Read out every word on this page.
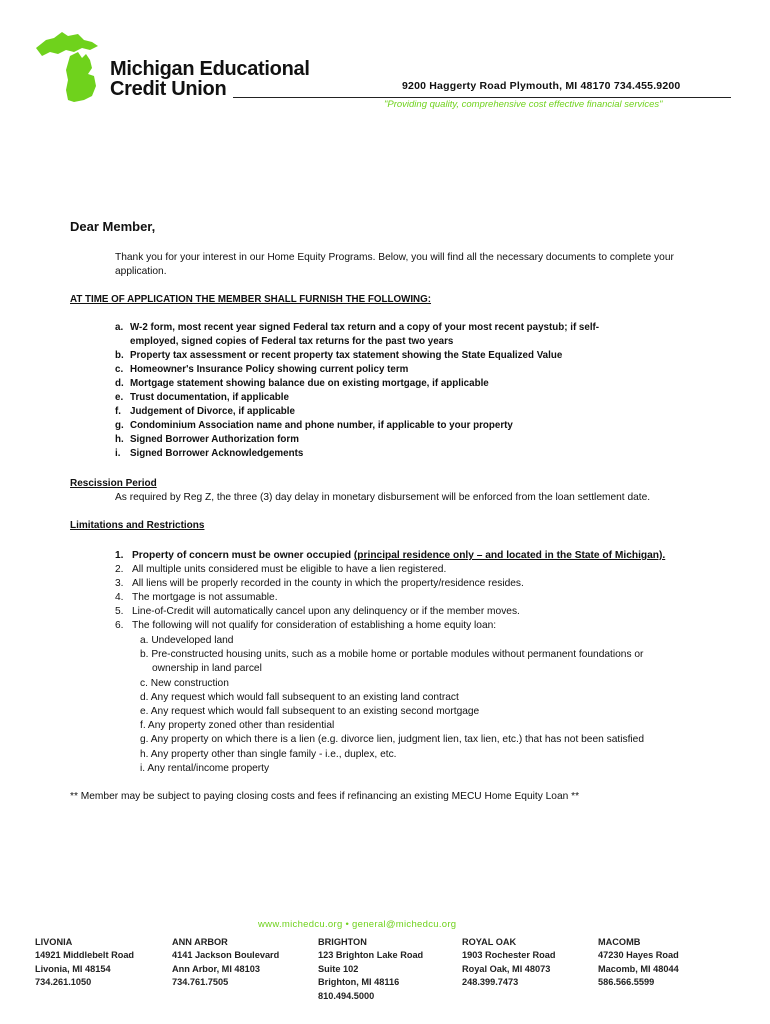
Michigan Educational
Credit Union	9200 Haggerty Road Plymouth, MI 48170 734.455.9200
"Providing quality, comprehensive cost effective financial services"
Dear Member,
Thank you for your interest in our Home Equity Programs. Below, you will find all the necessary documents to complete your application.
AT TIME OF APPLICATION THE MEMBER SHALL FURNISH THE FOLLOWING:
a. W-2 form, most recent year signed Federal tax return and a copy of your most recent paystub; if self-employed, signed copies of Federal tax returns for the past two years
b. Property tax assessment or recent property tax statement showing the State Equalized Value
c. Homeowner's Insurance Policy showing current policy term
d. Mortgage statement showing balance due on existing mortgage, if applicable
e. Trust documentation, if applicable
f. Judgement of Divorce, if applicable
g. Condominium Association name and phone number, if applicable to your property
h. Signed Borrower Authorization form
i. Signed Borrower Acknowledgements
Rescission Period
As required by Reg Z, the three (3) day delay in monetary disbursement will be enforced from the loan settlement date.
Limitations and Restrictions
1. Property of concern must be owner occupied (principal residence only – and located in the State of Michigan).
2. All multiple units considered must be eligible to have a lien registered.
3. All liens will be properly recorded in the county in which the property/residence resides.
4. The mortgage is not assumable.
5. Line-of-Credit will automatically cancel upon any delinquency or if the member moves.
6. The following will not qualify for consideration of establishing a home equity loan:
a. Undeveloped land
b. Pre-constructed housing units, such as a mobile home or portable modules without permanent foundations or ownership in land parcel
c. New construction
d. Any request which would fall subsequent to an existing land contract
e. Any request which would fall subsequent to an existing second mortgage
f. Any property zoned other than residential
g. Any property on which there is a lien (e.g. divorce lien, judgment lien, tax lien, etc.) that has not been satisfied
h. Any property other than single family - i.e., duplex, etc.
i. Any rental/income property
** Member may be subject to paying closing costs and fees if refinancing an existing MECU Home Equity Loan **
www.michedcu.org • general@michedcu.org
LIVONIA
14921 Middlebelt Road
Livonia, MI 48154
734.261.1050
ANN ARBOR
4141 Jackson Boulevard
Ann Arbor, MI 48103
734.761.7505
BRIGHTON
123 Brighton Lake Road
Suite 102
Brighton, MI 48116
810.494.5000
ROYAL OAK
1903 Rochester Road
Royal Oak, MI 48073
248.399.7473
MACOMB
47230 Hayes Road
Macomb, MI 48044
586.566.5599
